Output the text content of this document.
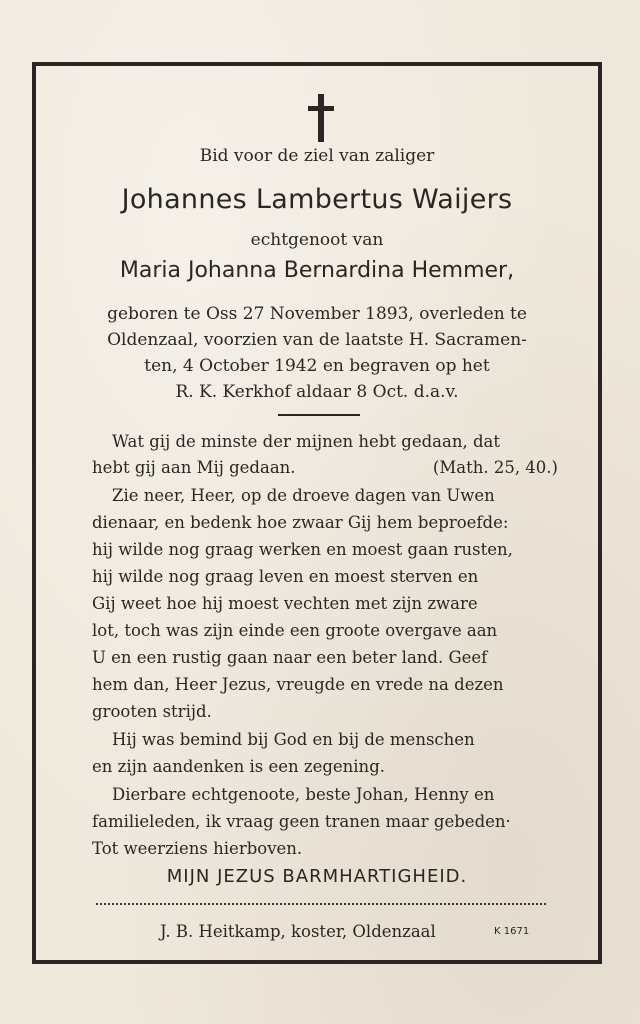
Bid voor de ziel van zaliger
Johannes Lambertus Waijers
echtgenoot van
Maria Johanna Bernardina Hemmer,
geboren te Oss 27 November 1893, overleden te
Oldenzaal, voorzien van de laatste H. Sacramen-
ten, 4 October 1942 en begraven op het
R. K. Kerkhof aldaar 8 Oct. d.a.v.
Wat gij de minste der mijnen hebt gedaan, dat
hebt gij aan Mij gedaan.	(Math. 25, 40.)
Zie neer, Heer, op de droeve dagen van Uwen
dienaar, en bedenk hoe zwaar Gij hem beproefde:
hij wilde nog graag werken en moest gaan rusten,
hij wilde nog graag leven en moest sterven en
Gij weet hoe hij moest vechten met zijn zware
lot, toch was zijn einde een groote overgave aan
U en een rustig gaan naar een beter land. Geef
hem dan, Heer Jezus, vreugde en vrede na dezen
grooten strijd.
Hij was bemind bij God en bij de menschen
en zijn aandenken is een zegening.
Dierbare echtgenoote, beste Johan, Henny en
familieleden, ik vraag geen tranen maar gebeden·
Tot weerziens hierboven.
MIJN JEZUS BARMHARTIGHEID.
J. B. Heitkamp, koster, Oldenzaal	K 1671
